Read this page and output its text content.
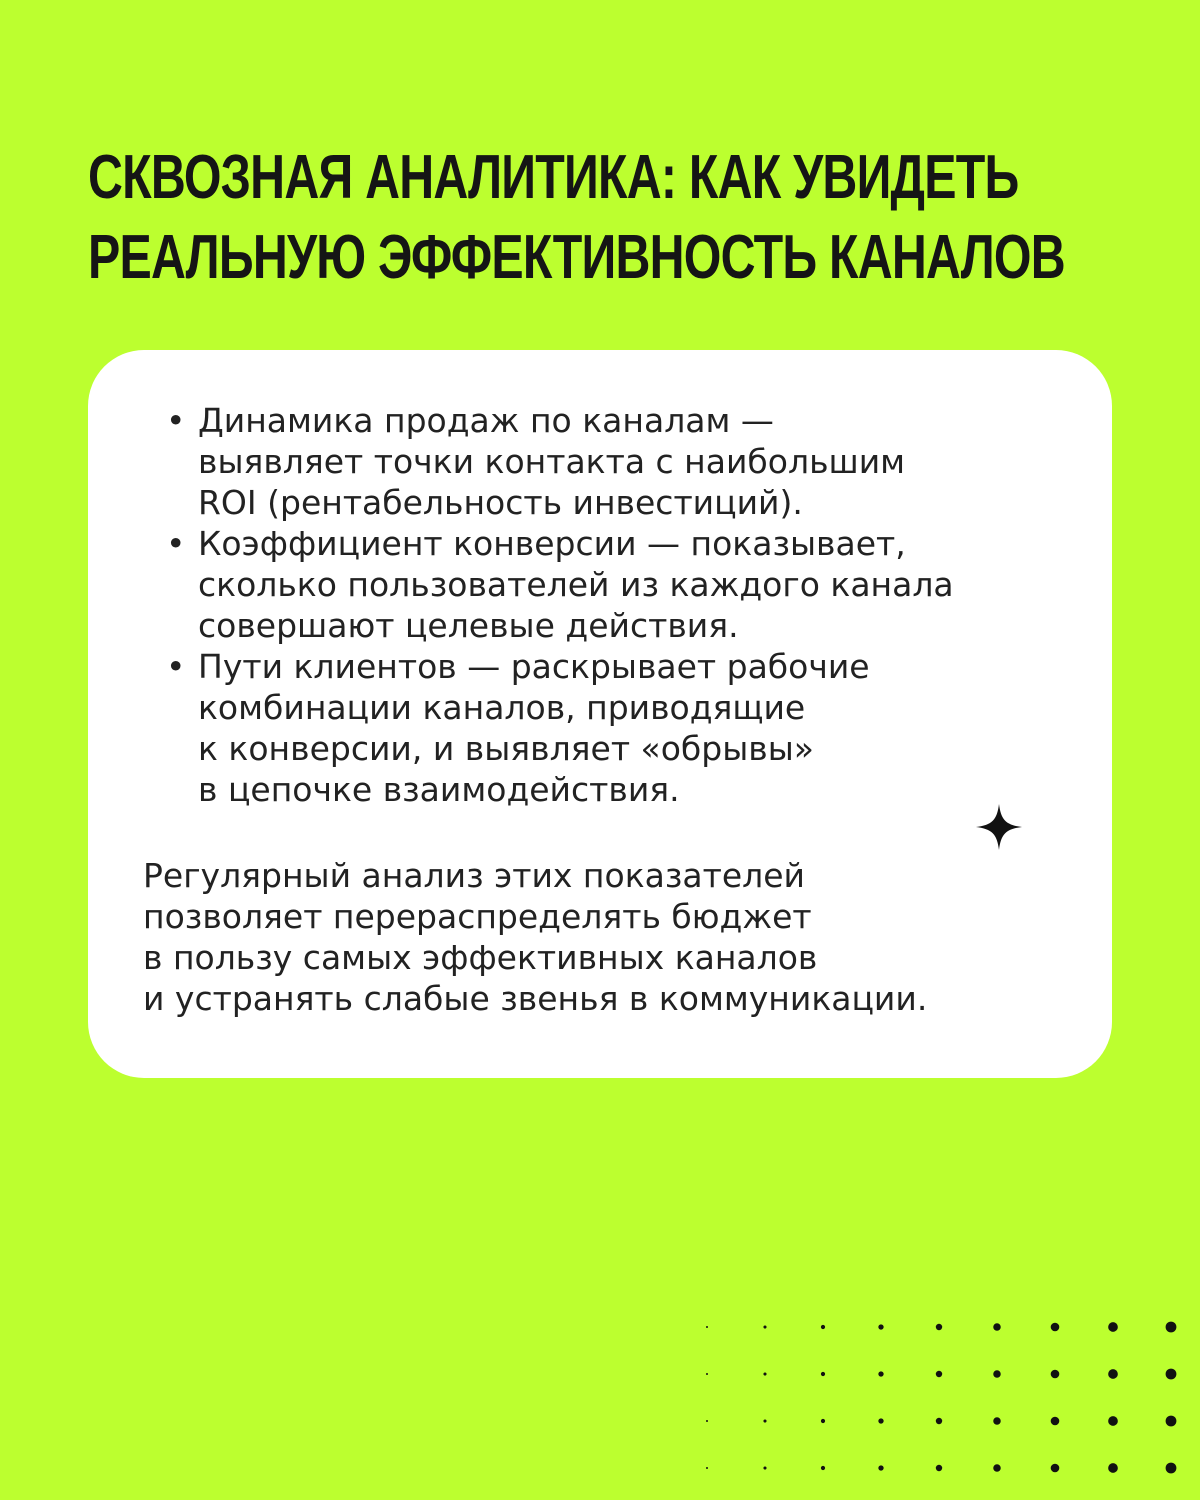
СКВОЗНАЯ АНАЛИТИКА: КАК УВИДЕТЬ
РЕАЛЬНУЮ ЭФФЕКТИВНОСТЬ КАНАЛОВ
• Динамика продаж по каналам —
выявляет точки контакта с наибольшим
ROI (рентабельность инвестиций).
• Коэффициент конверсии — показывает,
сколько пользователей из каждого канала
совершают целевые действия.
• Пути клиентов — раскрывает рабочие
комбинации каналов, приводящие
к конверсии, и выявляет «обрывы»
в цепочке взаимодействия.

Регулярный анализ этих показателей
позволяет перераспределять бюджет
в пользу самых эффективных каналов
и устранять слабые звенья в коммуникации.
